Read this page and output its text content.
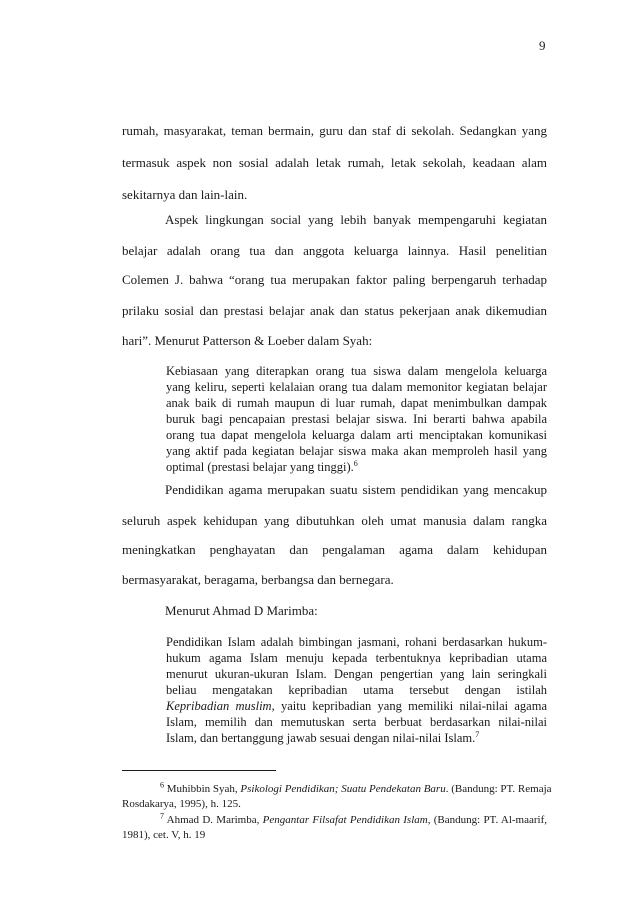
9
rumah, masyarakat, teman bermain, guru dan staf di sekolah. Sedangkan yang
termasuk aspek non sosial adalah letak rumah, letak sekolah, keadaan alam
sekitarnya dan lain-lain.
Aspek lingkungan social yang lebih banyak mempengaruhi kegiatan
belajar adalah orang tua dan anggota keluarga lainnya. Hasil penelitian
Colemen J. bahwa “orang tua merupakan faktor paling berpengaruh terhadap
prilaku sosial dan prestasi belajar anak dan status pekerjaan anak dikemudian
hari”. Menurut Patterson & Loeber dalam Syah:
Kebiasaan yang diterapkan orang tua siswa dalam mengelola keluarga
yang keliru, seperti kelalaian orang tua dalam memonitor kegiatan belajar
anak baik di rumah maupun di luar rumah, dapat menimbulkan dampak
buruk bagi pencapaian prestasi belajar siswa. Ini berarti bahwa apabila
orang tua dapat mengelola keluarga dalam arti menciptakan komunikasi
yang aktif pada kegiatan belajar siswa maka akan memproleh hasil yang
optimal (prestasi belajar yang tinggi).$^6$
Pendidikan agama merupakan suatu sistem pendidikan yang mencakup
seluruh aspek kehidupan yang dibutuhkan oleh umat manusia dalam rangka
meningkatkan penghayatan dan pengalaman agama dalam kehidupan
bermasyarakat, beragama, berbangsa dan bernegara.
Menurut Ahmad D Marimba:
Pendidikan Islam adalah bimbingan jasmani, rohani berdasarkan hukum-
hukum agama Islam menuju kepada terbentuknya kepribadian utama
menurut ukuran-ukuran Islam. Dengan pengertian yang lain seringkali
beliau mengatakan kepribadian utama tersebut dengan istilah
Kepribadian muslim, yaitu kepribadian yang memiliki nilai-nilai agama
Islam, memilih dan memutuskan serta berbuat berdasarkan nilai-nilai
Islam, dan bertanggung jawab sesuai dengan nilai-nilai Islam.$^7$
$^6$ Muhibbin Syah, Psikologi Pendidikan; Suatu Pendekatan Baru. (Bandung: PT. Remaja
Rosdakarya, 1995), h. 125.
$^7$ Ahmad D. Marimba, Pengantar Filsafat Pendidikan Islam, (Bandung: PT. Al-maarif,
1981), cet. V, h. 19
